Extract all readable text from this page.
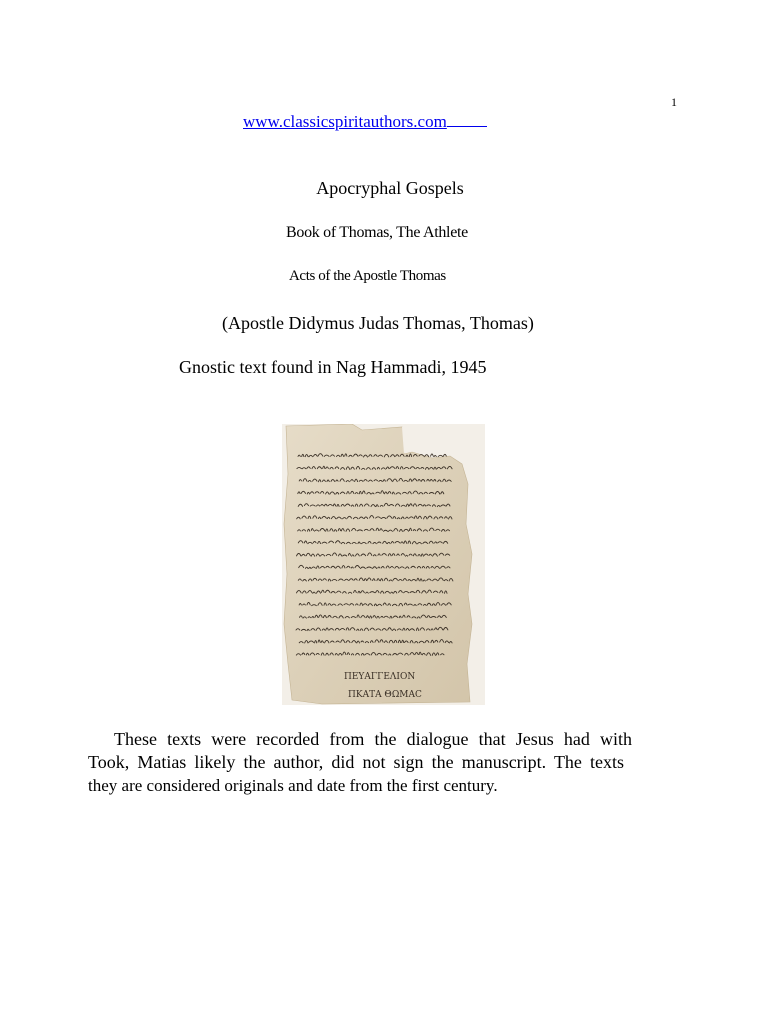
1
www.classicspiritauthors.com
Apocryphal Gospels
Book of Thomas, The Athlete
Acts of the Apostle Thomas
(Apostle Didymus Judas Thomas, Thomas)
Gnostic text found in Nag Hammadi, 1945
ΠΕΥΑΓΓΕΛΙΟΝ
ΠΚΑΤΑ ΘΩΜΑC

These texts were recorded from the dialogue that Jesus had with

Took, Matias likely the author, did not sign the manuscript. The texts

they are considered originals and date from the first century.
